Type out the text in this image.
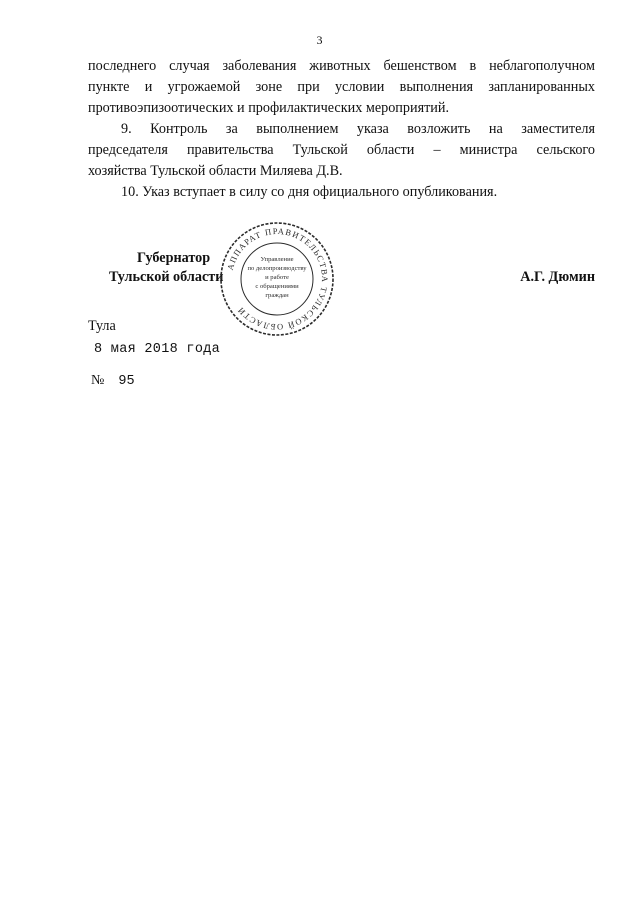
3
последнего случая заболевания животных бешенством в неблагополучном
пункте и угрожаемой зоне при условии выполнения запланированных
противоэпизоотических и профилактических мероприятий.
9. Контроль за выполнением указа возложить на заместителя
председателя правительства Тульской области – министра сельского
хозяйства Тульской области Миляева Д.В.
10. Указ вступает в силу со дня официального опубликования.
Губернатор
Тульской области
АППАРАТ ПРАВИТЕЛЬСТВА ТУЛЬСКОЙ ОБЛАСТИ
Управление
по делопроизводству
и работе
с обращениями
граждан
А.Г. Дюмин
Тула
8 мая 2018 года
№ 95
